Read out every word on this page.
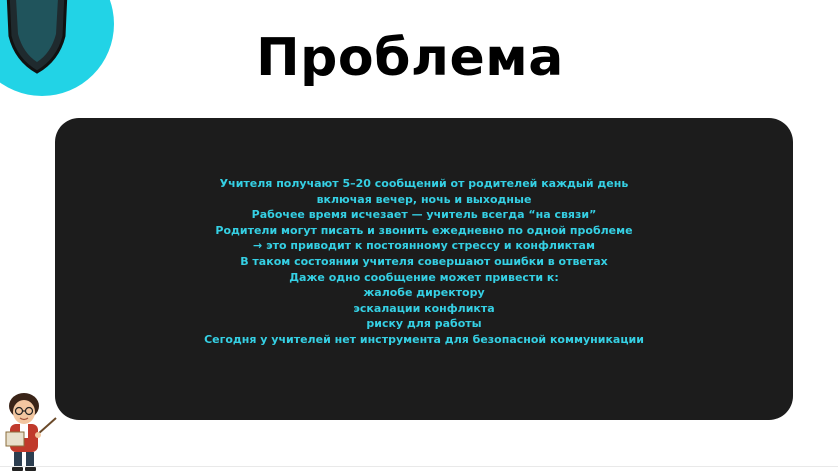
Проблема
Учителя получают 5–20 сообщений от родителей каждый день
включая вечер, ночь и выходные
Рабочее время исчезает — учитель всегда “на связи”
Родители могут писать и звонить ежедневно по одной проблеме
→ это приводит к постоянному стрессу и конфликтам
В таком состоянии учителя совершают ошибки в ответах
Даже одно сообщение может привести к:
жалобе директору
эскалации конфликта
риску для работы
Сегодня у учителей нет инструмента для безопасной коммуникации
